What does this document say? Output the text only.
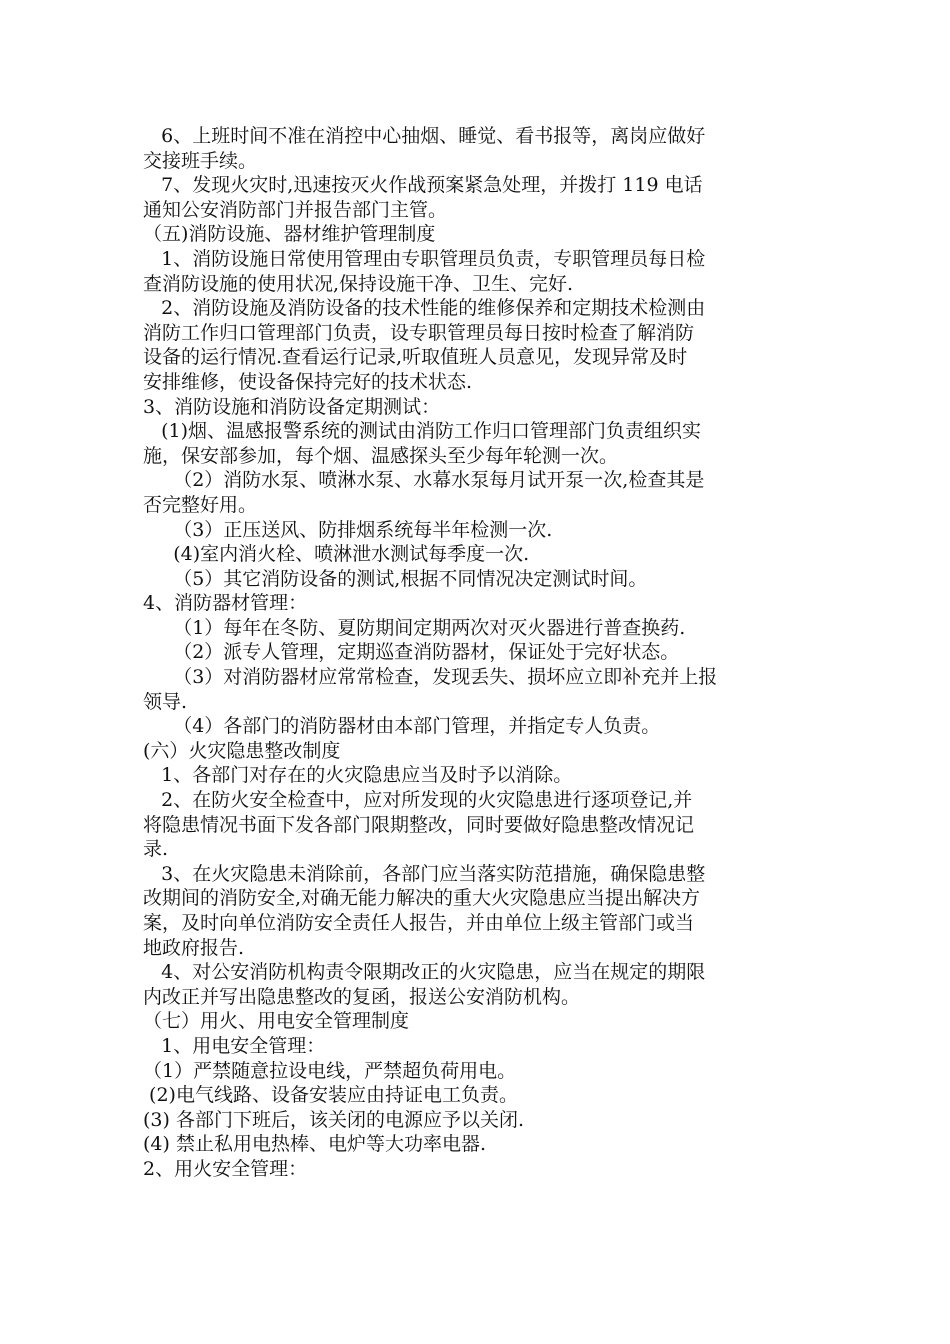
6、上班时间不准在消控中心抽烟、睡觉、看书报等，离岗应做好
交接班手续。
7、发现火灾时,迅速按灭火作战预案紧急处理，并拨打 119 电话
通知公安消防部门并报告部门主管。
（五)消防设施、器材维护管理制度
1、消防设施日常使用管理由专职管理员负责，专职管理员每日检
查消防设施的使用状况,保持设施干净、卫生、完好.
2、消防设施及消防设备的技术性能的维修保养和定期技术检测由
消防工作归口管理部门负责，设专职管理员每日按时检查了解消防
设备的运行情况.查看运行记录,听取值班人员意见，发现异常及时
安排维修，使设备保持完好的技术状态.
3、消防设施和消防设备定期测试：
(1)烟、温感报警系统的测试由消防工作归口管理部门负责组织实
施，保安部参加，每个烟、温感探头至少每年轮测一次。
（2）消防水泵、喷淋水泵、水幕水泵每月试开泵一次,检查其是
否完整好用。
（3）正压送风、防排烟系统每半年检测一次.
(4)室内消火栓、喷淋泄水测试每季度一次.
（5）其它消防设备的测试,根据不同情况决定测试时间。
4、消防器材管理：
（1）每年在冬防、夏防期间定期两次对灭火器进行普查换药.
（2）派专人管理，定期巡查消防器材，保证处于完好状态。
（3）对消防器材应常常检查，发现丢失、损坏应立即补充并上报
领导.
（4）各部门的消防器材由本部门管理，并指定专人负责。
(六）火灾隐患整改制度
1、各部门对存在的火灾隐患应当及时予以消除。
2、在防火安全检查中，应对所发现的火灾隐患进行逐项登记,并
将隐患情况书面下发各部门限期整改，同时要做好隐患整改情况记
录.
3、在火灾隐患未消除前，各部门应当落实防范措施，确保隐患整
改期间的消防安全,对确无能力解决的重大火灾隐患应当提出解决方
案，及时向单位消防安全责任人报告，并由单位上级主管部门或当
地政府报告.
4、对公安消防机构责令限期改正的火灾隐患，应当在规定的期限
内改正并写出隐患整改的复函，报送公安消防机构。
（七）用火、用电安全管理制度
1、用电安全管理：
（1）严禁随意拉设电线，严禁超负荷用电。
(2)电气线路、设备安装应由持证电工负责。
(3) 各部门下班后，该关闭的电源应予以关闭.
(4) 禁止私用电热棒、电炉等大功率电器.
2、用火安全管理：
